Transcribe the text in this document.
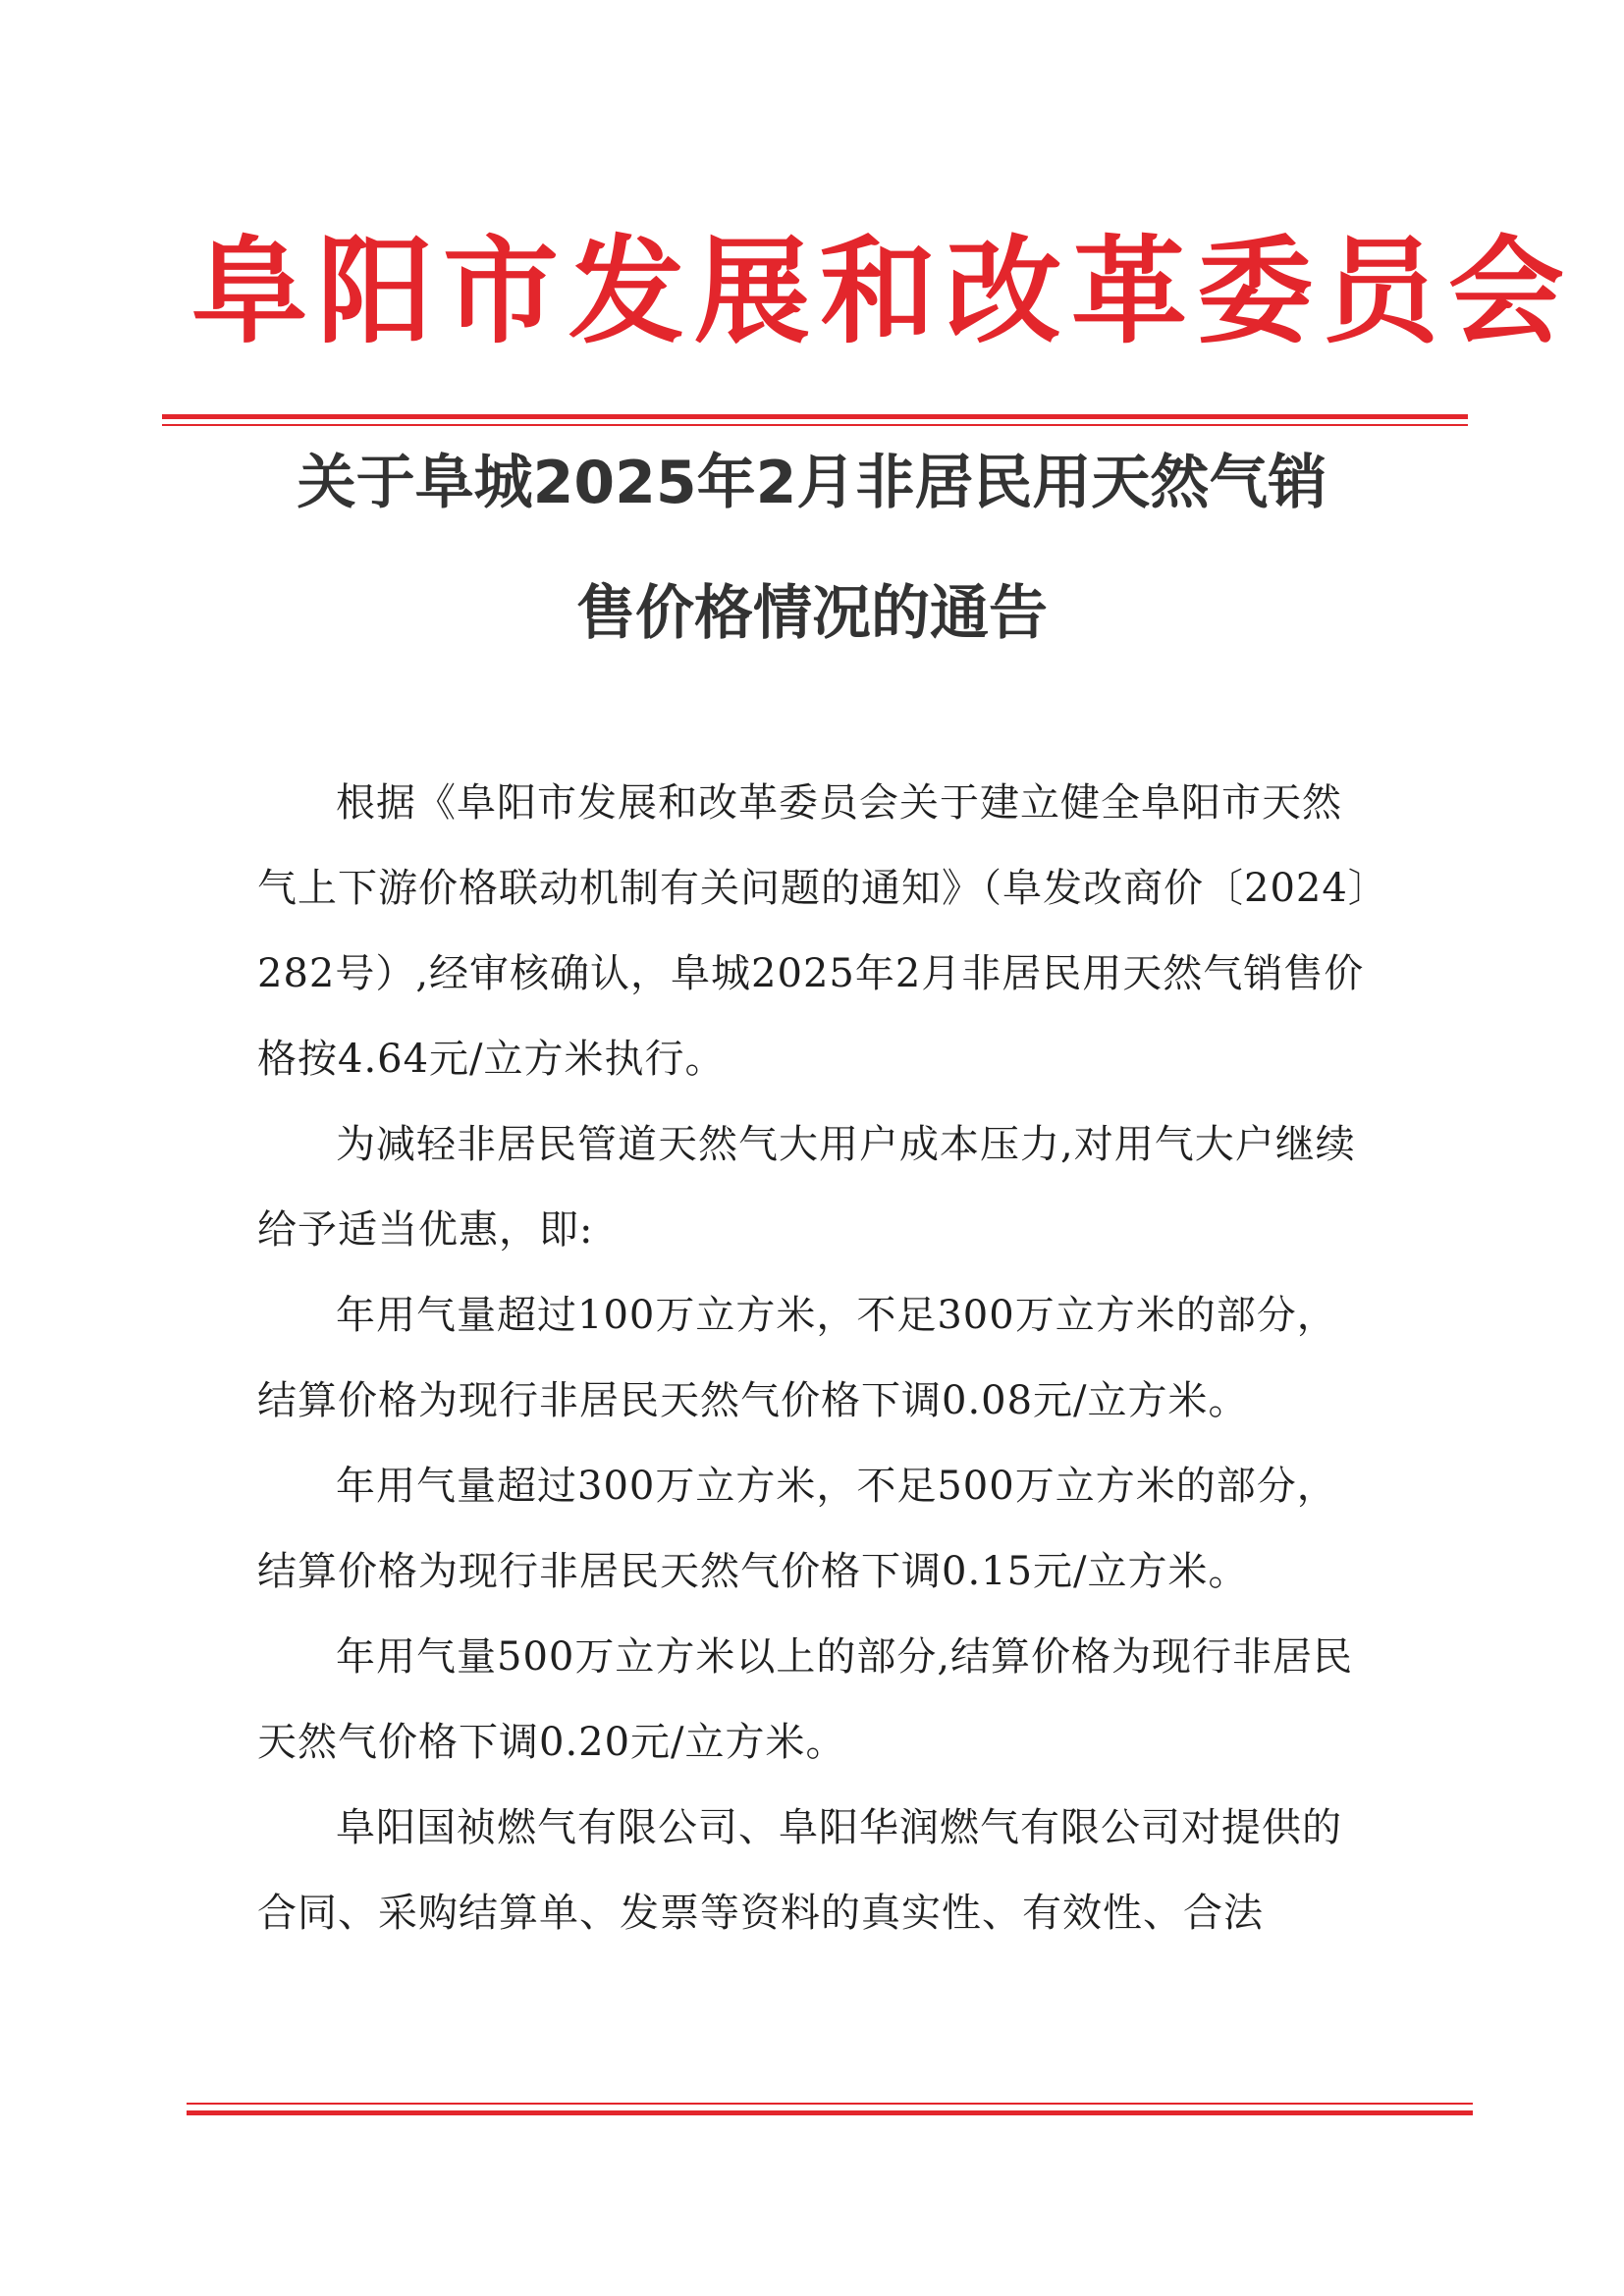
阜阳市发展和改革委员会
关于阜城2025年2月非居民用天然气销
售价格情况的通告

根据《阜阳市发展和改革委员会关于建立健全阜阳市天然气上下游价格联动机制有关问题的通知》（阜发改商价〔2024〕282号）,经审核确认，阜城2025年2月非居民用天然气销售价格按4.64元/立方米执行。

为减轻非居民管道天然气大用户成本压力,对用气大户继续给予适当优惠，即:

年用气量超过100万立方米，不足300万立方米的部分，结算价格为现行非居民天然气价格下调0.08元/立方米。

年用气量超过300万立方米，不足500万立方米的部分，结算价格为现行非居民天然气价格下调0.15元/立方米。

年用气量500万立方米以上的部分,结算价格为现行非居民天然气价格下调0.20元/立方米。

阜阳国祯燃气有限公司、阜阳华润燃气有限公司对提供的合同、采购结算单、发票等资料的真实性、有效性、合法
